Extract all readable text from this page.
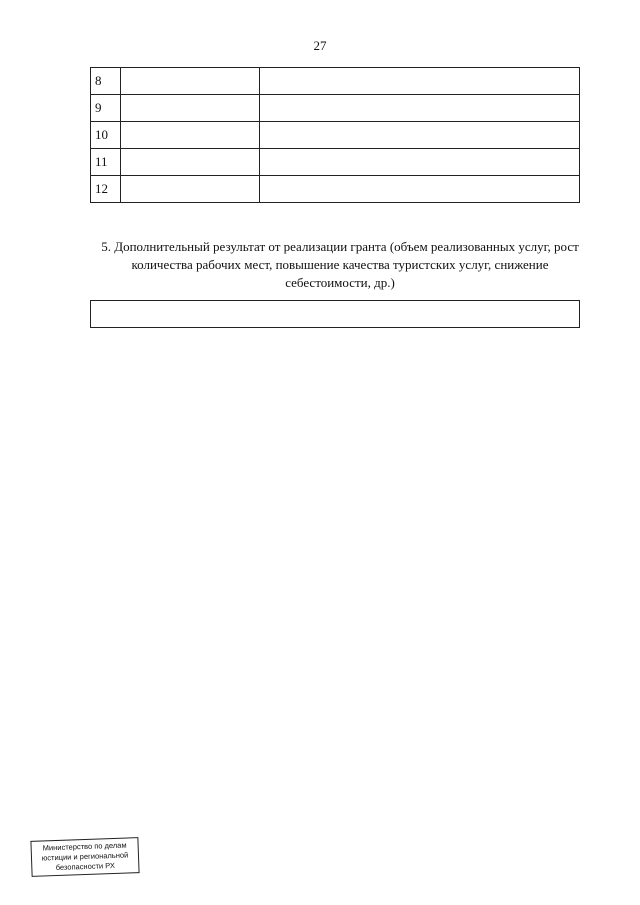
27
8		
9		
10		
11		
12		
5. Дополнительный результат от реализации гранта (объем реализованных услуг, рост количества рабочих мест, повышение качества туристских услуг, снижение себестоимости, др.)
Министерство по делам
юстиции и региональной
безопасности РХ
